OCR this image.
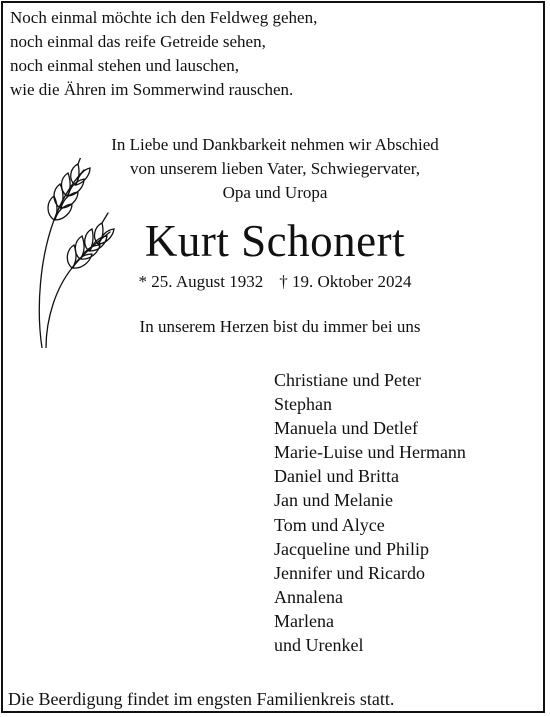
Noch einmal möchte ich den Feldweg gehen,
noch einmal das reife Getreide sehen,
noch einmal stehen und lauschen,
wie die Ähren im Sommerwind rauschen.
In Liebe und Dankbarkeit nehmen wir Abschied
von unserem lieben Vater, Schwiegervater,
Opa und Uropa
Kurt Schonert
* 25. August 1932 † 19. Oktober 2024
In unserem Herzen bist du immer bei uns
Christiane und Peter
Stephan
Manuela und Detlef
Marie-Luise und Hermann
Daniel und Britta
Jan und Melanie
Tom und Alyce
Jacqueline und Philip
Jennifer und Ricardo
Annalena
Marlena
und Urenkel
Die Beerdigung findet im engsten Familienkreis statt.
